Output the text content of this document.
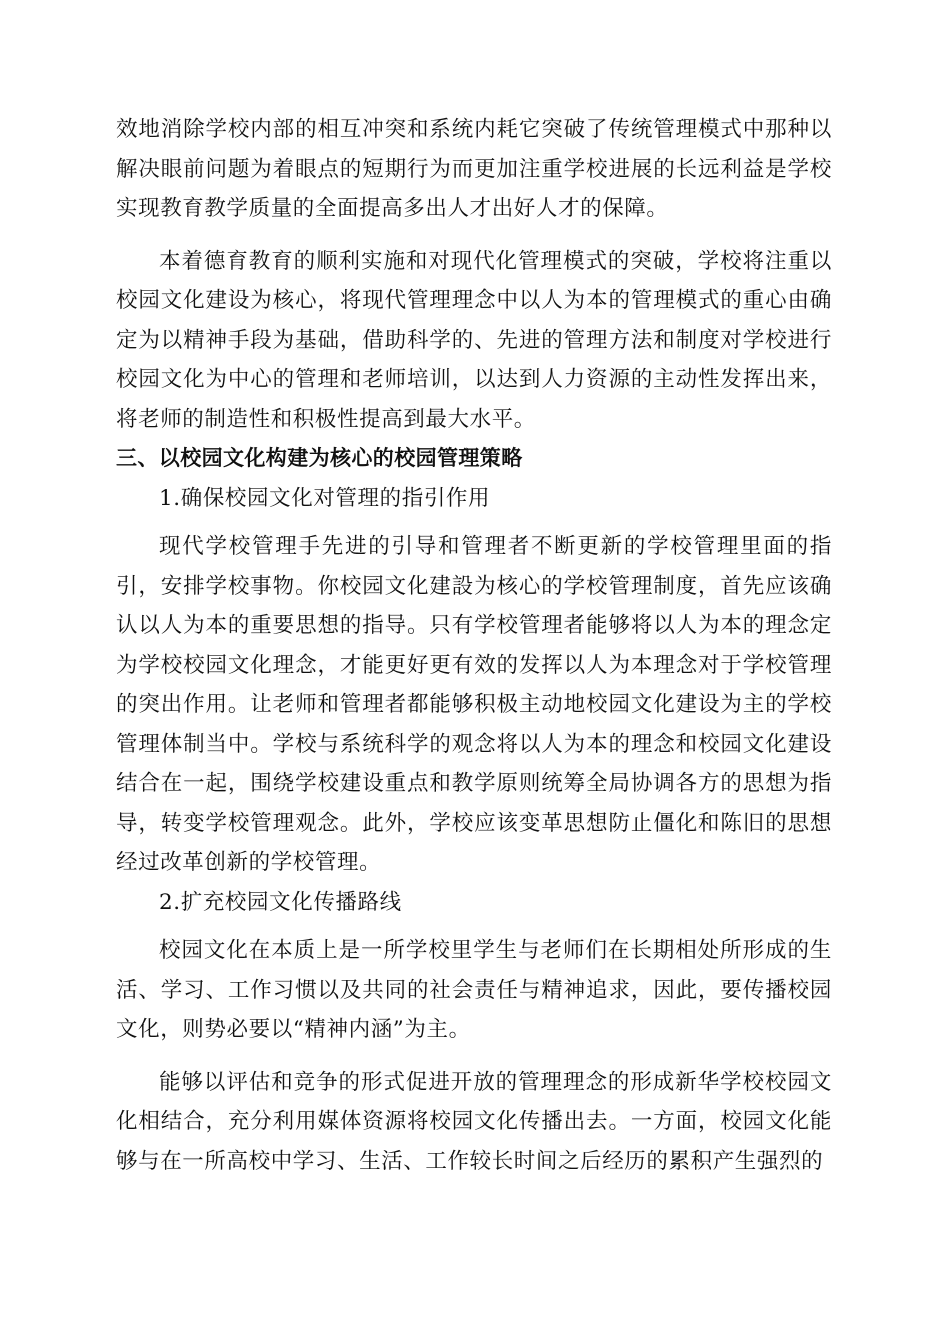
效地消除学校内部的相互冲突和系统内耗它突破了传统管理模式中那种以解决眼前问题为着眼点的短期行为而更加注重学校进展的长远利益是学校实现教育教学质量的全面提高多出人才出好人才的保障。

本着德育教育的顺利实施和对现代化管理模式的突破，学校将注重以校园文化建设为核心，将现代管理理念中以人为本的管理模式的重心由确定为以精神手段为基础，借助科学的、先进的管理方法和制度对学校进行校园文化为中心的管理和老师培训，以达到人力资源的主动性发挥出来，将老师的制造性和积极性提高到最大水平。

三、以校园文化构建为核心的校园管理策略

1.确保校园文化对管理的指引作用

现代学校管理手先进的引导和管理者不断更新的学校管理里面的指引，安排学校事物。你校园文化建設为核心的学校管理制度，首先应该确认以人为本的重要思想的指导。只有学校管理者能够将以人为本的理念定为学校校园文化理念，才能更好更有效的发挥以人为本理念对于学校管理的突出作用。让老师和管理者都能够积极主动地校园文化建设为主的学校管理体制当中。学校与系统科学的观念将以人为本的理念和校园文化建设结合在一起，围绕学校建设重点和教学原则统筹全局协调各方的思想为指导，转变学校管理观念。此外，学校应该变革思想防止僵化和陈旧的思想经过改革创新的学校管理。

2.扩充校园文化传播路线

校园文化在本质上是一所学校里学生与老师们在长期相处所形成的生活、学习、工作习惯以及共同的社会责任与精神追求，因此，要传播校园文化，则势必要以“精神内涵”为主。

能够以评估和竞争的形式促进开放的管理理念的形成新华学校校园文化相结合，充分利用媒体资源将校园文化传播出去。一方面，校园文化能够与在一所高校中学习、生活、工作较长时间之后经历的累积产生强烈的
